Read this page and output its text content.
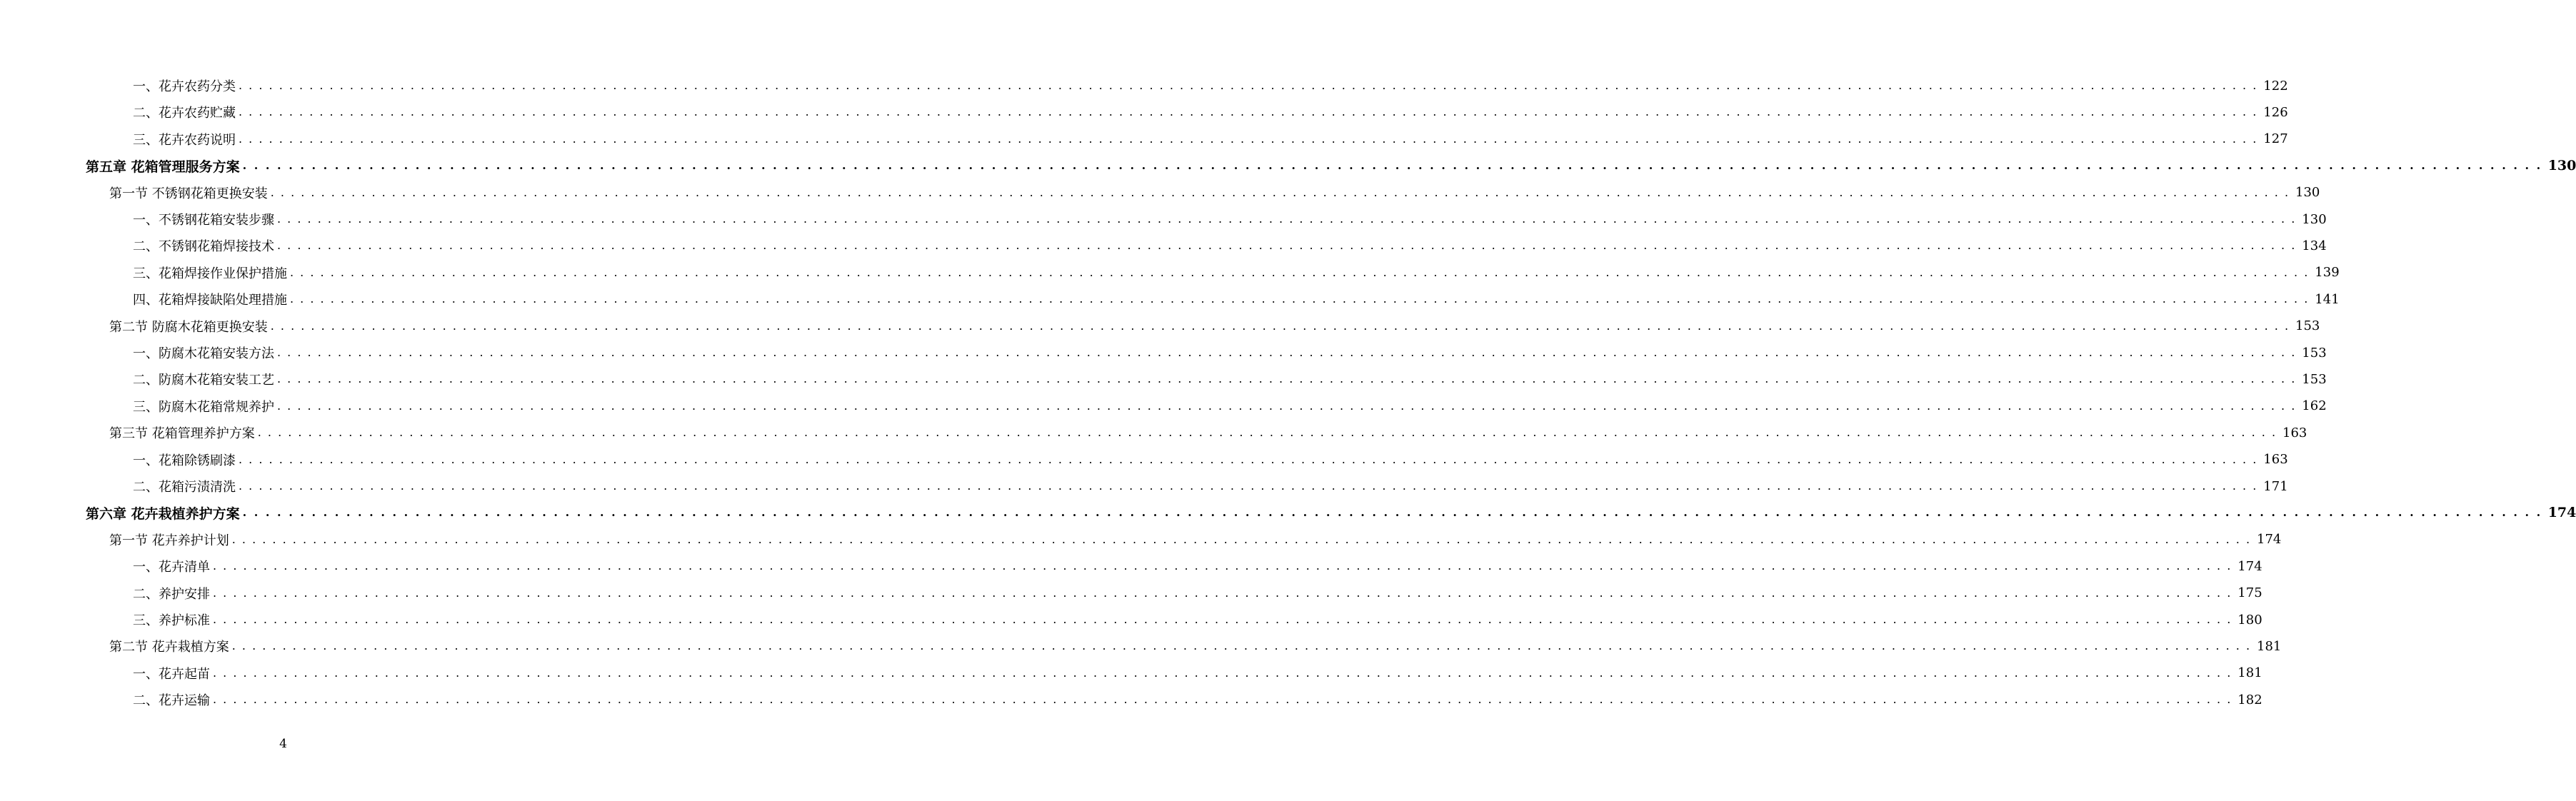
一、花卉农药分类 . . . . . . . . . . . . . . . . . . . . . . . . . . . . . . . . . . . . . . . . . . . . . . . . . . . . . . . . . . . . . . . . . . . . . . . . . . . . . . . . . . . . . . . . . . . . . . . . . . . . . . . . . . . . . . . . . . . . . . . . . . . . . . . . . . . . . . . . . . . . . . . . . . . . . . . . . . . . . . . . . . . . . . . . . . . . . . . . . . . . . . . . . . . . . . . . . . . . . . . . 122
二、花卉农药贮藏 . . . . . . . . . . . . . . . . . . . . . . . . . . . . . . . . . . . . . . . . . . . . . . . . . . . . . . . . . . . . . . . . . . . . . . . . . . . . . . . . . . . . . . . . . . . . . . . . . . . . . . . . . . . . . . . . . . . . . . . . . . . . . . . . . . . . . . . . . . . . . . . . . . . . . . . . . . . . . . . . . . . . . . . . . . . . . . . . . . . . . . . . . . . . . . . . . . . . . . . . 126
三、花卉农药说明 . . . . . . . . . . . . . . . . . . . . . . . . . . . . . . . . . . . . . . . . . . . . . . . . . . . . . . . . . . . . . . . . . . . . . . . . . . . . . . . . . . . . . . . . . . . . . . . . . . . . . . . . . . . . . . . . . . . . . . . . . . . . . . . . . . . . . . . . . . . . . . . . . . . . . . . . . . . . . . . . . . . . . . . . . . . . . . . . . . . . . . . . . . . . . . . . . . . . . . . . 127
第五章 花箱管理服务方案 . . . . . . . . . . . . . . . . . . . . . . . . . . . . . . . . . . . . . . . . . . . . . . . . . . . . . . . . . . . . . . . . . . . . . . . . . . . . . . . . . . . . . . . . . . . . . . . . . . . . . . . . . . . . . . . . . . . . . . . . . . . . . . . . . . . . . . . . . . . . . . . . . . . . . . . . . . . . . . . . . . . . . . . . . . . . . . . . . . . . . . . . . . . . . . . . . . . . . . . . 130
第一节 不锈钢花箱更换安装 . . . . . . . . . . . . . . . . . . . . . . . . . . . . . . . . . . . . . . . . . . . . . . . . . . . . . . . . . . . . . . . . . . . . . . . . . . . . . . . . . . . . . . . . . . . . . . . . . . . . . . . . . . . . . . . . . . . . . . . . . . . . . . . . . . . . . . . . . . . . . . . . . . . . . . . . . . . . . . . . . . . . . . . . . . . . . . . . . . . . . . . . . . . . . . . . . . . . . . . . 130
一、不锈钢花箱安装步骤 . . . . . . . . . . . . . . . . . . . . . . . . . . . . . . . . . . . . . . . . . . . . . . . . . . . . . . . . . . . . . . . . . . . . . . . . . . . . . . . . . . . . . . . . . . . . . . . . . . . . . . . . . . . . . . . . . . . . . . . . . . . . . . . . . . . . . . . . . . . . . . . . . . . . . . . . . . . . . . . . . . . . . . . . . . . . . . . . . . . . . . . . . . . . . . . . . . . . . . . . 130
二、不锈钢花箱焊接技术 . . . . . . . . . . . . . . . . . . . . . . . . . . . . . . . . . . . . . . . . . . . . . . . . . . . . . . . . . . . . . . . . . . . . . . . . . . . . . . . . . . . . . . . . . . . . . . . . . . . . . . . . . . . . . . . . . . . . . . . . . . . . . . . . . . . . . . . . . . . . . . . . . . . . . . . . . . . . . . . . . . . . . . . . . . . . . . . . . . . . . . . . . . . . . . . . . . . . . . . . 134
三、花箱焊接作业保护措施 . . . . . . . . . . . . . . . . . . . . . . . . . . . . . . . . . . . . . . . . . . . . . . . . . . . . . . . . . . . . . . . . . . . . . . . . . . . . . . . . . . . . . . . . . . . . . . . . . . . . . . . . . . . . . . . . . . . . . . . . . . . . . . . . . . . . . . . . . . . . . . . . . . . . . . . . . . . . . . . . . . . . . . . . . . . . . . . . . . . . . . . . . . . . . . . . . . . . . . . . 139
四、花箱焊接缺陷处理措施 . . . . . . . . . . . . . . . . . . . . . . . . . . . . . . . . . . . . . . . . . . . . . . . . . . . . . . . . . . . . . . . . . . . . . . . . . . . . . . . . . . . . . . . . . . . . . . . . . . . . . . . . . . . . . . . . . . . . . . . . . . . . . . . . . . . . . . . . . . . . . . . . . . . . . . . . . . . . . . . . . . . . . . . . . . . . . . . . . . . . . . . . . . . . . . . . . . . . . . . . 141
第二节 防腐木花箱更换安装 . . . . . . . . . . . . . . . . . . . . . . . . . . . . . . . . . . . . . . . . . . . . . . . . . . . . . . . . . . . . . . . . . . . . . . . . . . . . . . . . . . . . . . . . . . . . . . . . . . . . . . . . . . . . . . . . . . . . . . . . . . . . . . . . . . . . . . . . . . . . . . . . . . . . . . . . . . . . . . . . . . . . . . . . . . . . . . . . . . . . . . . . . . . . . . . . . . . . . . . . 153
一、防腐木花箱安装方法 . . . . . . . . . . . . . . . . . . . . . . . . . . . . . . . . . . . . . . . . . . . . . . . . . . . . . . . . . . . . . . . . . . . . . . . . . . . . . . . . . . . . . . . . . . . . . . . . . . . . . . . . . . . . . . . . . . . . . . . . . . . . . . . . . . . . . . . . . . . . . . . . . . . . . . . . . . . . . . . . . . . . . . . . . . . . . . . . . . . . . . . . . . . . . . . . . . . . . . . . 153
二、防腐木花箱安装工艺 . . . . . . . . . . . . . . . . . . . . . . . . . . . . . . . . . . . . . . . . . . . . . . . . . . . . . . . . . . . . . . . . . . . . . . . . . . . . . . . . . . . . . . . . . . . . . . . . . . . . . . . . . . . . . . . . . . . . . . . . . . . . . . . . . . . . . . . . . . . . . . . . . . . . . . . . . . . . . . . . . . . . . . . . . . . . . . . . . . . . . . . . . . . . . . . . . . . . . . . . 153
三、防腐木花箱常规养护 . . . . . . . . . . . . . . . . . . . . . . . . . . . . . . . . . . . . . . . . . . . . . . . . . . . . . . . . . . . . . . . . . . . . . . . . . . . . . . . . . . . . . . . . . . . . . . . . . . . . . . . . . . . . . . . . . . . . . . . . . . . . . . . . . . . . . . . . . . . . . . . . . . . . . . . . . . . . . . . . . . . . . . . . . . . . . . . . . . . . . . . . . . . . . . . . . . . . . . . . 162
第三节 花箱管理养护方案 . . . . . . . . . . . . . . . . . . . . . . . . . . . . . . . . . . . . . . . . . . . . . . . . . . . . . . . . . . . . . . . . . . . . . . . . . . . . . . . . . . . . . . . . . . . . . . . . . . . . . . . . . . . . . . . . . . . . . . . . . . . . . . . . . . . . . . . . . . . . . . . . . . . . . . . . . . . . . . . . . . . . . . . . . . . . . . . . . . . . . . . . . . . . . . . . . . . . . . . . 163
一、花箱除锈刷漆 . . . . . . . . . . . . . . . . . . . . . . . . . . . . . . . . . . . . . . . . . . . . . . . . . . . . . . . . . . . . . . . . . . . . . . . . . . . . . . . . . . . . . . . . . . . . . . . . . . . . . . . . . . . . . . . . . . . . . . . . . . . . . . . . . . . . . . . . . . . . . . . . . . . . . . . . . . . . . . . . . . . . . . . . . . . . . . . . . . . . . . . . . . . . . . . . . . . . . . . . 163
二、花箱污渍清洗 . . . . . . . . . . . . . . . . . . . . . . . . . . . . . . . . . . . . . . . . . . . . . . . . . . . . . . . . . . . . . . . . . . . . . . . . . . . . . . . . . . . . . . . . . . . . . . . . . . . . . . . . . . . . . . . . . . . . . . . . . . . . . . . . . . . . . . . . . . . . . . . . . . . . . . . . . . . . . . . . . . . . . . . . . . . . . . . . . . . . . . . . . . . . . . . . . . . . . . . . 171
第六章 花卉栽植养护方案 . . . . . . . . . . . . . . . . . . . . . . . . . . . . . . . . . . . . . . . . . . . . . . . . . . . . . . . . . . . . . . . . . . . . . . . . . . . . . . . . . . . . . . . . . . . . . . . . . . . . . . . . . . . . . . . . . . . . . . . . . . . . . . . . . . . . . . . . . . . . . . . . . . . . . . . . . . . . . . . . . . . . . . . . . . . . . . . . . . . . . . . . . . . . . . . . . . . . . . . . 174
第一节 花卉养护计划 . . . . . . . . . . . . . . . . . . . . . . . . . . . . . . . . . . . . . . . . . . . . . . . . . . . . . . . . . . . . . . . . . . . . . . . . . . . . . . . . . . . . . . . . . . . . . . . . . . . . . . . . . . . . . . . . . . . . . . . . . . . . . . . . . . . . . . . . . . . . . . . . . . . . . . . . . . . . . . . . . . . . . . . . . . . . . . . . . . . . . . . . . . . . . . . . . . . . . . . . 174
一、花卉清单 . . . . . . . . . . . . . . . . . . . . . . . . . . . . . . . . . . . . . . . . . . . . . . . . . . . . . . . . . . . . . . . . . . . . . . . . . . . . . . . . . . . . . . . . . . . . . . . . . . . . . . . . . . . . . . . . . . . . . . . . . . . . . . . . . . . . . . . . . . . . . . . . . . . . . . . . . . . . . . . . . . . . . . . . . . . . . . . . . . . . . . . . . . . . . . . . . . . . . . . . 174
二、养护安排 . . . . . . . . . . . . . . . . . . . . . . . . . . . . . . . . . . . . . . . . . . . . . . . . . . . . . . . . . . . . . . . . . . . . . . . . . . . . . . . . . . . . . . . . . . . . . . . . . . . . . . . . . . . . . . . . . . . . . . . . . . . . . . . . . . . . . . . . . . . . . . . . . . . . . . . . . . . . . . . . . . . . . . . . . . . . . . . . . . . . . . . . . . . . . . . . . . . . . . . . 175
三、养护标准 . . . . . . . . . . . . . . . . . . . . . . . . . . . . . . . . . . . . . . . . . . . . . . . . . . . . . . . . . . . . . . . . . . . . . . . . . . . . . . . . . . . . . . . . . . . . . . . . . . . . . . . . . . . . . . . . . . . . . . . . . . . . . . . . . . . . . . . . . . . . . . . . . . . . . . . . . . . . . . . . . . . . . . . . . . . . . . . . . . . . . . . . . . . . . . . . . . . . . . . . 180
第二节 花卉栽植方案 . . . . . . . . . . . . . . . . . . . . . . . . . . . . . . . . . . . . . . . . . . . . . . . . . . . . . . . . . . . . . . . . . . . . . . . . . . . . . . . . . . . . . . . . . . . . . . . . . . . . . . . . . . . . . . . . . . . . . . . . . . . . . . . . . . . . . . . . . . . . . . . . . . . . . . . . . . . . . . . . . . . . . . . . . . . . . . . . . . . . . . . . . . . . . . . . . . . . . . . . 181
一、花卉起苗 . . . . . . . . . . . . . . . . . . . . . . . . . . . . . . . . . . . . . . . . . . . . . . . . . . . . . . . . . . . . . . . . . . . . . . . . . . . . . . . . . . . . . . . . . . . . . . . . . . . . . . . . . . . . . . . . . . . . . . . . . . . . . . . . . . . . . . . . . . . . . . . . . . . . . . . . . . . . . . . . . . . . . . . . . . . . . . . . . . . . . . . . . . . . . . . . . . . . . . . . 181
二、花卉运输 . . . . . . . . . . . . . . . . . . . . . . . . . . . . . . . . . . . . . . . . . . . . . . . . . . . . . . . . . . . . . . . . . . . . . . . . . . . . . . . . . . . . . . . . . . . . . . . . . . . . . . . . . . . . . . . . . . . . . . . . . . . . . . . . . . . . . . . . . . . . . . . . . . . . . . . . . . . . . . . . . . . . . . . . . . . . . . . . . . . . . . . . . . . . . . . . . . . . . . . . 182
4
